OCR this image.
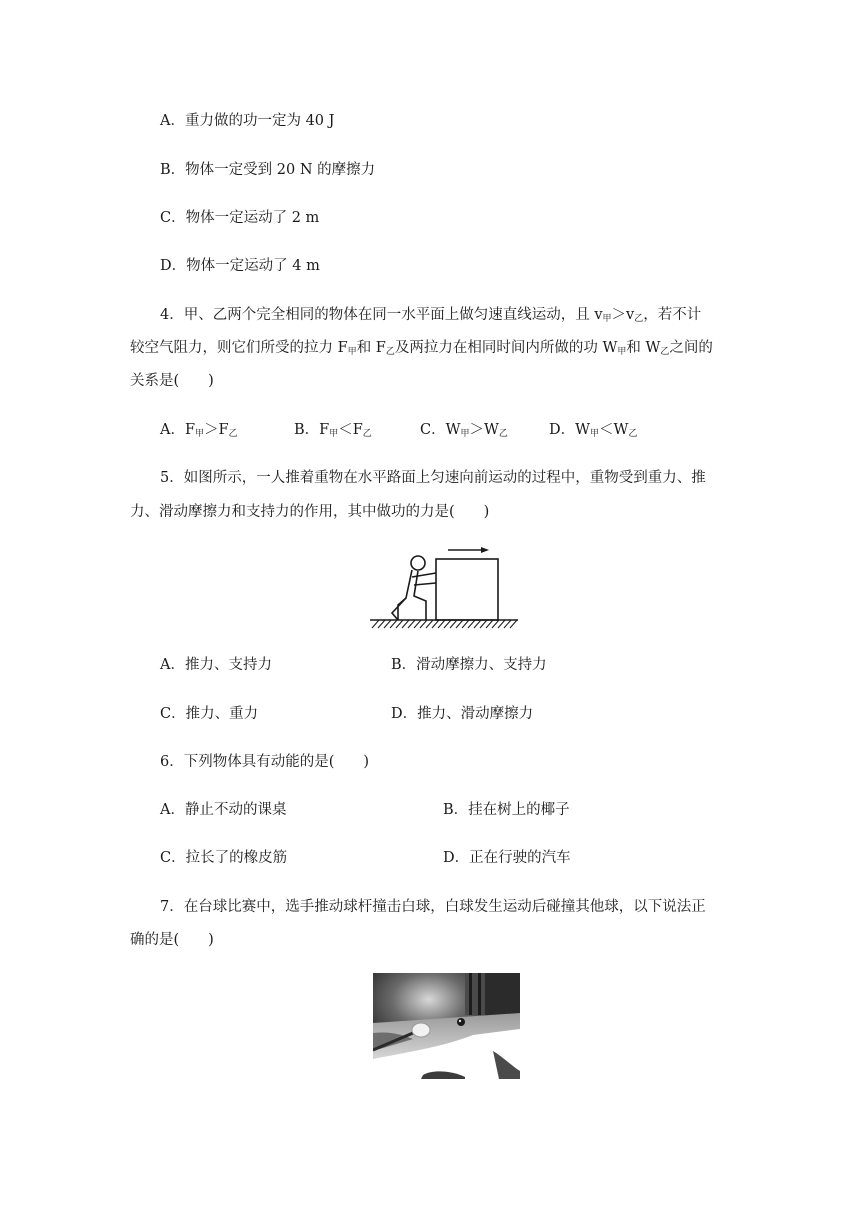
A．重力做的功一定为 40 J
B．物体一定受到 20 N 的摩擦力
C．物体一定运动了 2 m
D．物体一定运动了 4 m
4．甲、乙两个完全相同的物体在同一水平面上做匀速直线运动，且 $v_甲>v_乙$，若不计
较空气阻力，则它们所受的拉力 $F_甲$和 $F_乙$及两拉力在相同时间内所做的功 $W_甲$和 $W_乙$之间的
关系是(　　)
A．$F_甲>F_乙$	B．$F_甲<F_乙$	C．$W_甲>W_乙$	D．$W_甲<W_乙$
5．如图所示，一人推着重物在水平路面上匀速向前运动的过程中，重物受到重力、推
力、滑动摩擦力和支持力的作用，其中做功的力是(　　)
A．推力、支持力	B．滑动摩擦力、支持力
C．推力、重力	D．推力、滑动摩擦力
6．下列物体具有动能的是(　　)
A．静止不动的课桌	B．挂在树上的椰子
C．拉长了的橡皮筋	D．正在行驶的汽车
7．在台球比赛中，选手推动球杆撞击白球，白球发生运动后碰撞其他球，以下说法正
确的是(　　)
